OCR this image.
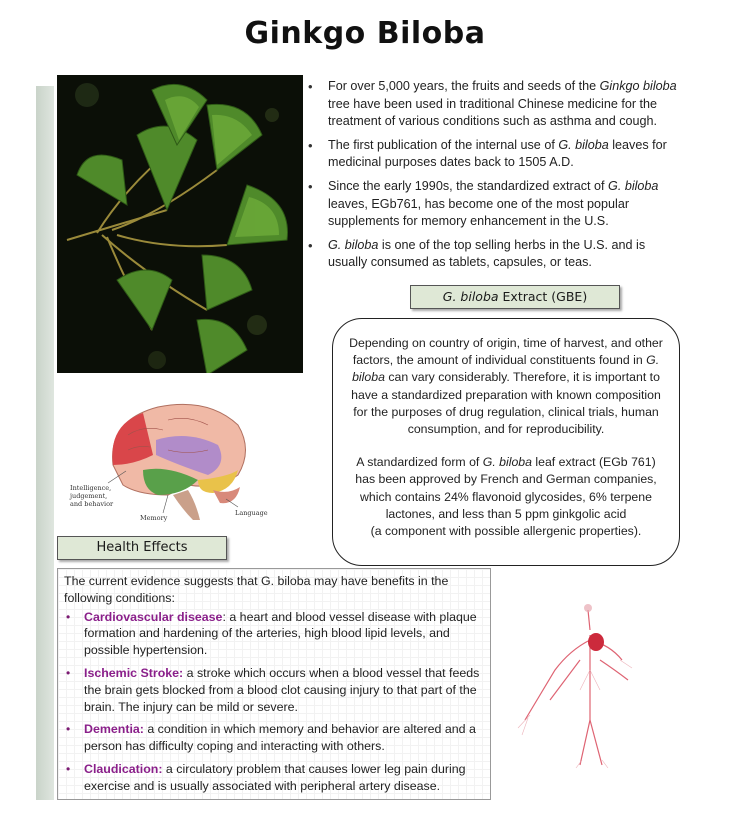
Ginkgo Biloba
• For over 5,000 years, the fruits and seeds of the Ginkgo biloba tree have been used in traditional Chinese medicine for the treatment of various conditions such as asthma and cough.
• The first publication of the internal use of G. biloba leaves for medicinal purposes dates back to 1505 A.D.
• Since the early 1990s, the standardized extract of G. biloba leaves, EGb761, has become one of the most popular supplements for memory enhancement in the U.S.
• G. biloba is one of the top selling herbs in the U.S. and is usually consumed as tablets, capsules, or teas.
G. biloba Extract (GBE)

Depending on country of origin, time of harvest, and other factors, the amount of individual constituents found in G. biloba can vary considerably. Therefore, it is important to have a standardized preparation with known composition for the purposes of drug regulation, clinical trials, human consumption, and for reproducibility.

A standardized form of G. biloba leaf extract (EGb 761) has been approved by French and German companies, which contains 24% flavonoid glycosides, 6% terpene lactones, and less than 5 ppm ginkgolic acid
(a component with possible allergenic properties).

Intelligence,
judgement,
and behavior
Memory
Language
Health Effects
The current evidence suggests that G. biloba may have benefits in the following conditions:
• Cardiovascular disease: a heart and blood vessel disease with plaque formation and hardening of the arteries, high blood lipid levels, and possible hypertension.
• Ischemic Stroke: a stroke which occurs when a blood vessel that feeds the brain gets blocked from a blood clot causing injury to that part of the brain. The injury can be mild or severe.
• Dementia: a condition in which memory and behavior are altered and a person has difficulty coping and interacting with others.
• Claudication: a circulatory problem that causes lower leg pain during exercise and is usually associated with peripheral artery disease.
